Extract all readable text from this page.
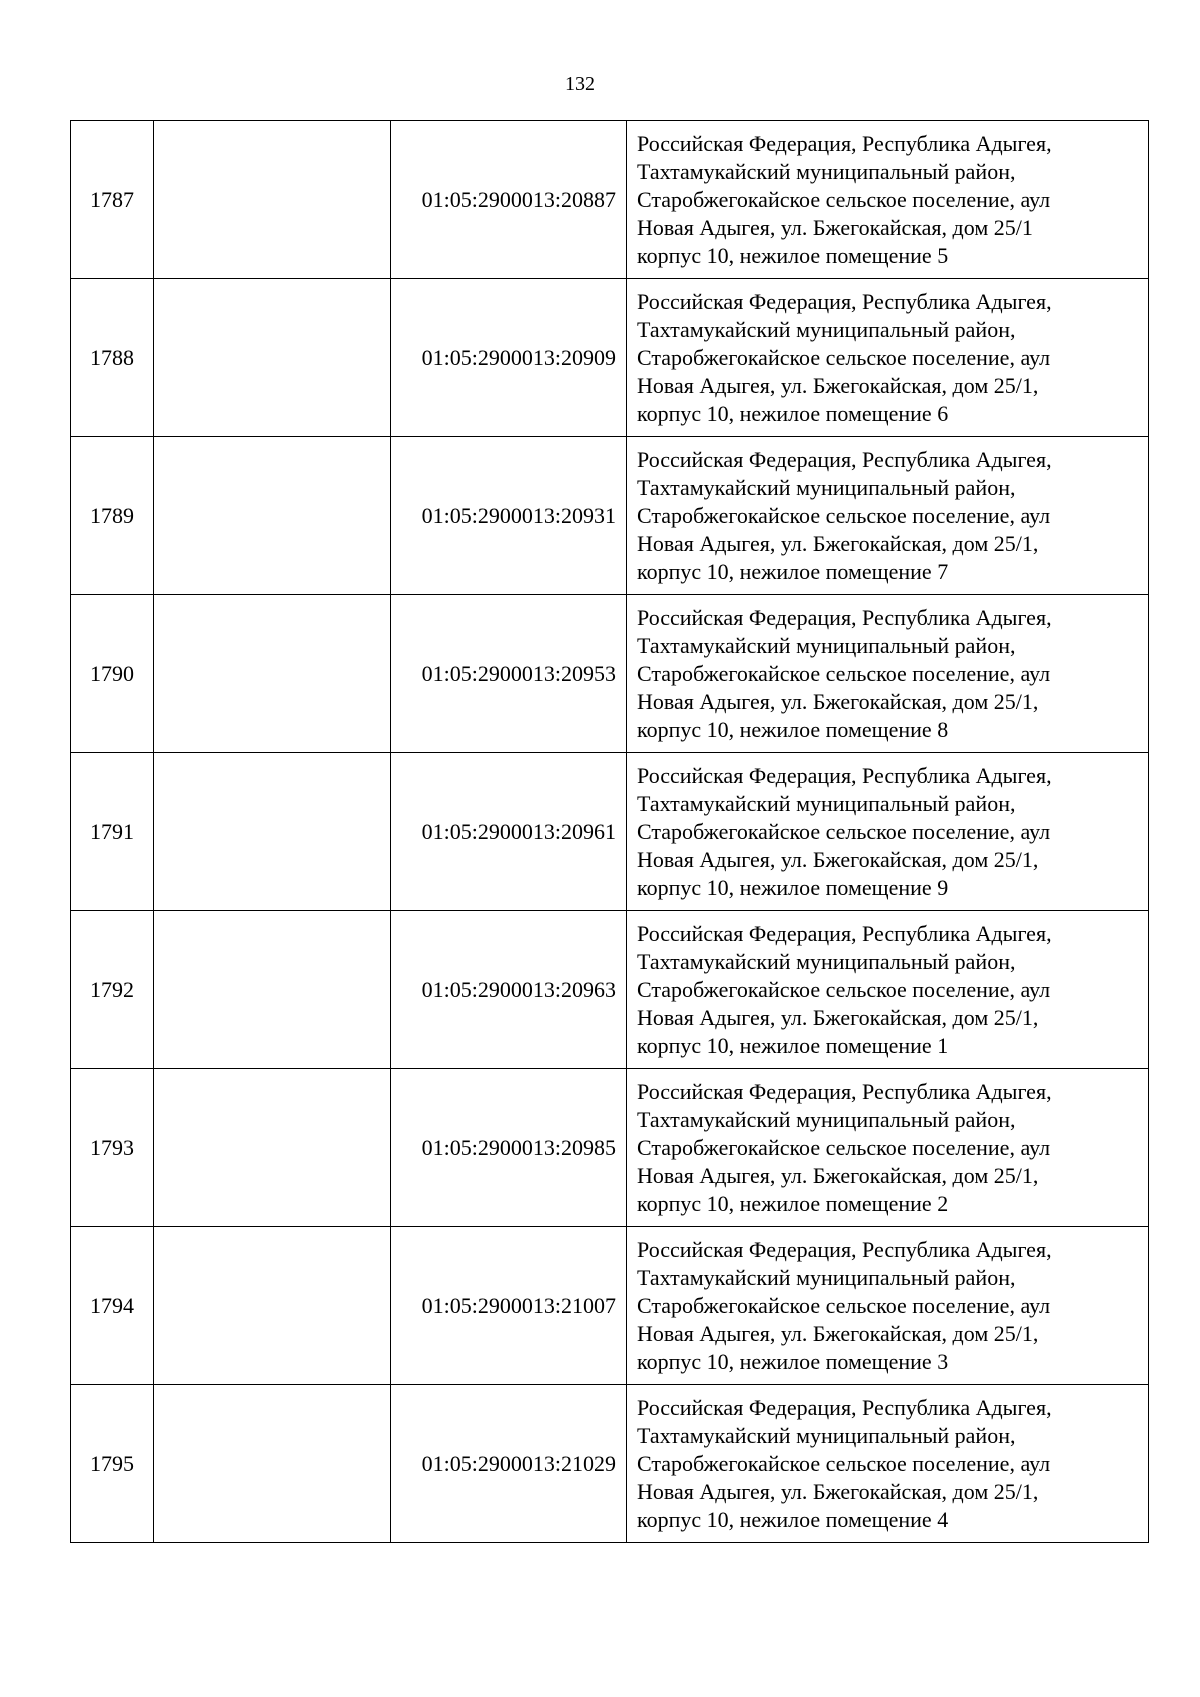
132
1787		01:05:2900013:20887	Российская Федерация, Республика Адыгея,
Тахтамукайский муниципальный район,
Старобжегокайское сельское поселение, аул
Новая Адыгея, ул. Бжегокайская, дом 25/1
корпус 10, нежилое помещение 5

1788		01:05:2900013:20909	Российская Федерация, Республика Адыгея,
Тахтамукайский муниципальный район,
Старобжегокайское сельское поселение, аул
Новая Адыгея, ул. Бжегокайская, дом 25/1,
корпус 10, нежилое помещение 6

1789		01:05:2900013:20931	Российская Федерация, Республика Адыгея,
Тахтамукайский муниципальный район,
Старобжегокайское сельское поселение, аул
Новая Адыгея, ул. Бжегокайская, дом 25/1,
корпус 10, нежилое помещение 7

1790		01:05:2900013:20953	Российская Федерация, Республика Адыгея,
Тахтамукайский муниципальный район,
Старобжегокайское сельское поселение, аул
Новая Адыгея, ул. Бжегокайская, дом 25/1,
корпус 10, нежилое помещение 8

1791		01:05:2900013:20961	Российская Федерация, Республика Адыгея,
Тахтамукайский муниципальный район,
Старобжегокайское сельское поселение, аул
Новая Адыгея, ул. Бжегокайская, дом 25/1,
корпус 10, нежилое помещение 9

1792		01:05:2900013:20963	Российская Федерация, Республика Адыгея,
Тахтамукайский муниципальный район,
Старобжегокайское сельское поселение, аул
Новая Адыгея, ул. Бжегокайская, дом 25/1,
корпус 10, нежилое помещение 1

1793		01:05:2900013:20985	Российская Федерация, Республика Адыгея,
Тахтамукайский муниципальный район,
Старобжегокайское сельское поселение, аул
Новая Адыгея, ул. Бжегокайская, дом 25/1,
корпус 10, нежилое помещение 2

1794		01:05:2900013:21007	Российская Федерация, Республика Адыгея,
Тахтамукайский муниципальный район,
Старобжегокайское сельское поселение, аул
Новая Адыгея, ул. Бжегокайская, дом 25/1,
корпус 10, нежилое помещение 3

1795		01:05:2900013:21029	Российская Федерация, Республика Адыгея,
Тахтамукайский муниципальный район,
Старобжегокайское сельское поселение, аул
Новая Адыгея, ул. Бжегокайская, дом 25/1,
корпус 10, нежилое помещение 4
